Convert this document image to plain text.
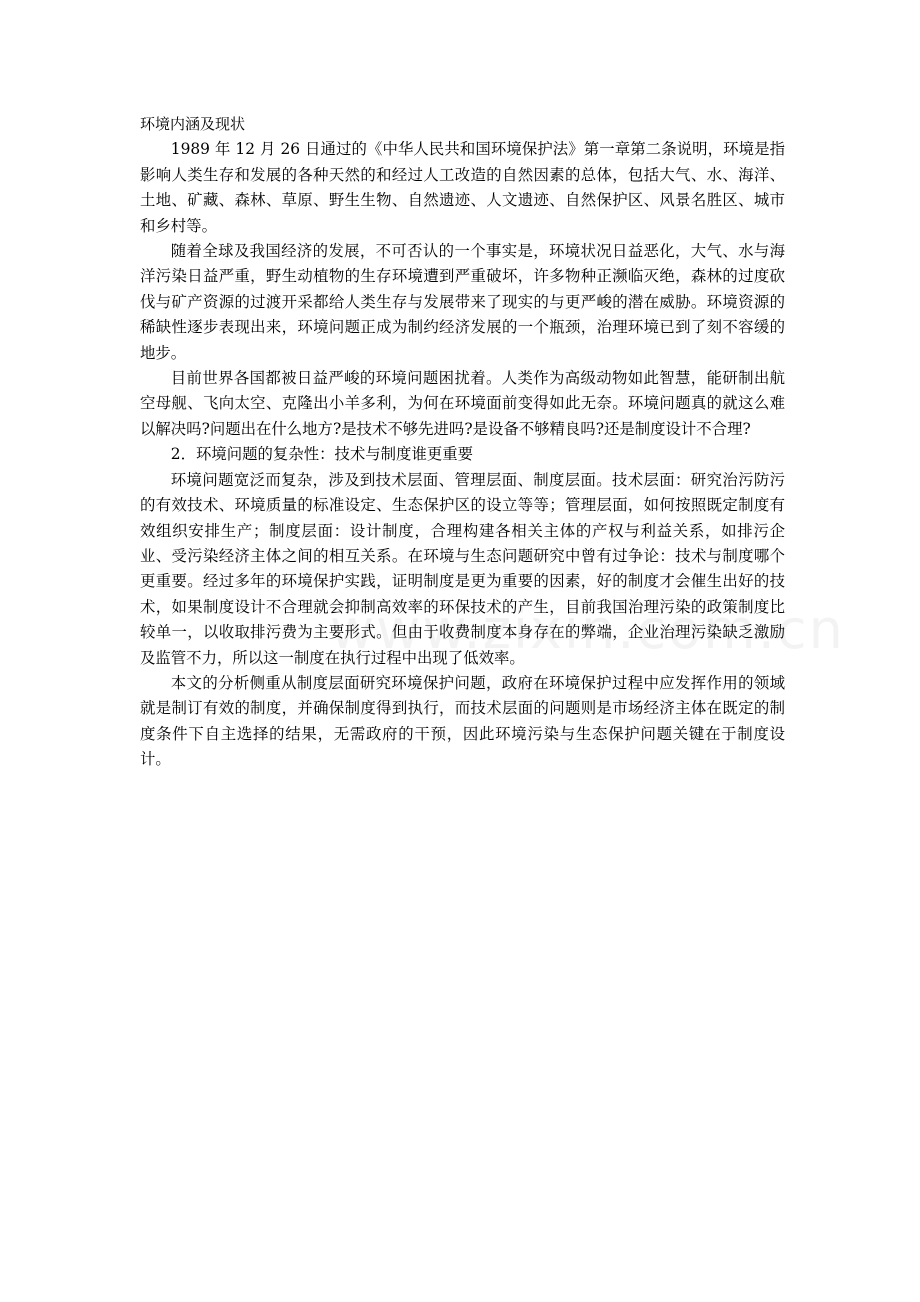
环境内涵及现状

1989 年 12 月 26 日通过的《中华人民共和国环境保护法》第一章第二条说明，环境是指影响人类生存和发展的各种天然的和经过人工改造的自然因素的总体，包括大气、水、海洋、土地、矿藏、森林、草原、野生生物、自然遗迹、人文遗迹、自然保护区、风景名胜区、城市和乡村等。

随着全球及我国经济的发展，不可否认的一个事实是，环境状况日益恶化，大气、水与海洋污染日益严重，野生动植物的生存环境遭到严重破坏，许多物种正濒临灭绝，森林的过度砍伐与矿产资源的过渡开采都给人类生存与发展带来了现实的与更严峻的潜在威胁。环境资源的稀缺性逐步表现出来，环境问题正成为制约经济发展的一个瓶颈，治理环境已到了刻不容缓的地步。

目前世界各国都被日益严峻的环境问题困扰着。人类作为高级动物如此智慧，能研制出航空母舰、飞向太空、克隆出小羊多利，为何在环境面前变得如此无奈。环境问题真的就这么难以解决吗?问题出在什么地方?是技术不够先进吗?是设备不够精良吗?还是制度设计不合理?

2．环境问题的复杂性：技术与制度谁更重要

环境问题宽泛而复杂，涉及到技术层面、管理层面、制度层面。技术层面：研究治污防污的有效技术、环境质量的标准设定、生态保护区的设立等等；管理层面，如何按照既定制度有效组织安排生产；制度层面：设计制度，合理构建各相关主体的产权与利益关系，如排污企业、受污染经济主体之间的相互关系。在环境与生态问题研究中曾有过争论：技术与制度哪个更重要。经过多年的环境保护实践，证明制度是更为重要的因素，好的制度才会催生出好的技术，如果制度设计不合理就会抑制高效率的环保技术的产生，目前我国治理污染的政策制度比较单一，以收取排污费为主要形式。但由于收费制度本身存在的弊端，企业治理污染缺乏激励及监管不力，所以这一制度在执行过程中出现了低效率。

本文的分析侧重从制度层面研究环境保护问题，政府在环境保护过程中应发挥作用的领域就是制订有效的制度，并确保制度得到执行，而技术层面的问题则是市场经济主体在既定的制度条件下自主选择的结果，无需政府的干预，因此环境污染与生态保护问题关键在于制度设计。
